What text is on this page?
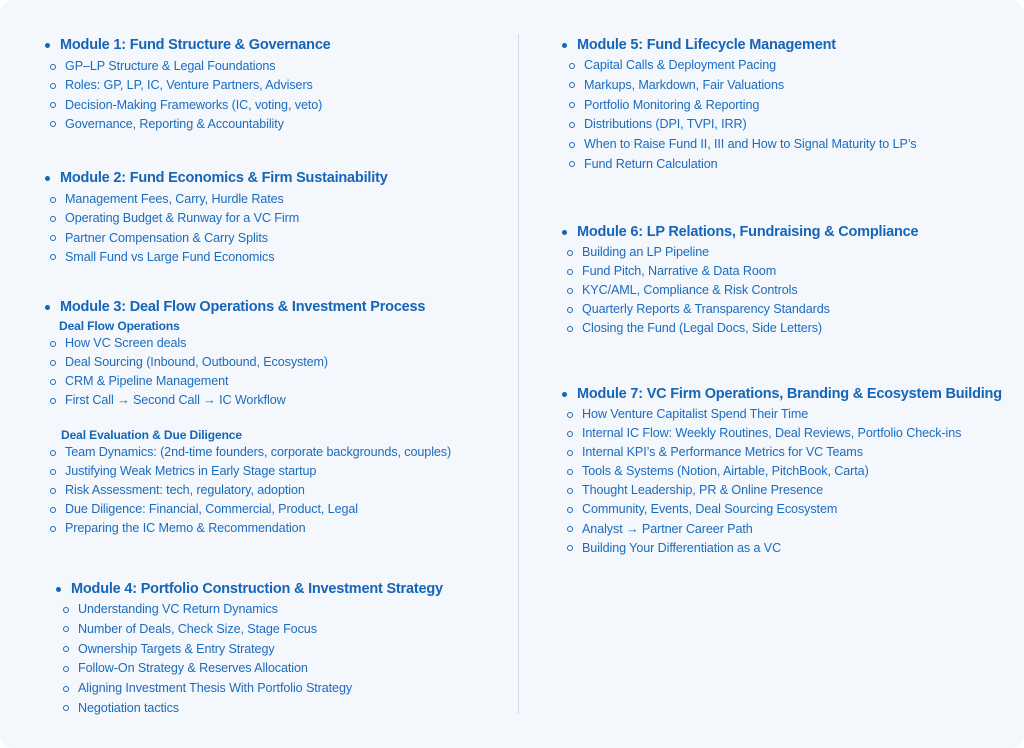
Module 1: Fund Structure & Governance
GP–LP Structure & Legal Foundations
Roles: GP, LP, IC, Venture Partners, Advisers
Decision-Making Frameworks (IC, voting, veto)
Governance, Reporting & Accountability
Module 2: Fund Economics & Firm Sustainability
Management Fees, Carry, Hurdle Rates
Operating Budget & Runway for a VC Firm
Partner Compensation & Carry Splits
Small Fund vs Large Fund Economics
Module 3: Deal Flow Operations & Investment Process
Deal Flow Operations
How VC Screen deals
Deal Sourcing (Inbound, Outbound, Ecosystem)
CRM & Pipeline Management
First Call → Second Call → IC Workflow
Deal Evaluation & Due Diligence
Team Dynamics: (2nd-time founders, corporate backgrounds, couples)
Justifying Weak Metrics in Early Stage startup
Risk Assessment: tech, regulatory, adoption
Due Diligence: Financial, Commercial, Product, Legal
Preparing the IC Memo & Recommendation
Module 4: Portfolio Construction & Investment Strategy
Understanding VC Return Dynamics
Number of Deals, Check Size, Stage Focus
Ownership Targets & Entry Strategy
Follow-On Strategy & Reserves Allocation
Aligning Investment Thesis With Portfolio Strategy
Negotiation tactics
Module 5: Fund Lifecycle Management
Capital Calls & Deployment Pacing
Markups, Markdown, Fair Valuations
Portfolio Monitoring & Reporting
Distributions (DPI, TVPI, IRR)
When to Raise Fund II, III and How to Signal Maturity to LP’s
Fund Return Calculation
Module 6: LP Relations, Fundraising & Compliance
Building an LP Pipeline
Fund Pitch, Narrative & Data Room
KYC/AML, Compliance & Risk Controls
Quarterly Reports & Transparency Standards
Closing the Fund (Legal Docs, Side Letters)
Module 7: VC Firm Operations, Branding & Ecosystem Building
How Venture Capitalist Spend Their Time
Internal IC Flow: Weekly Routines, Deal Reviews, Portfolio Check-ins
Internal KPI’s & Performance Metrics for VC Teams
Tools & Systems (Notion, Airtable, PitchBook, Carta)
Thought Leadership, PR & Online Presence
Community, Events, Deal Sourcing Ecosystem
Analyst → Partner Career Path
Building Your Differentiation as a VC
